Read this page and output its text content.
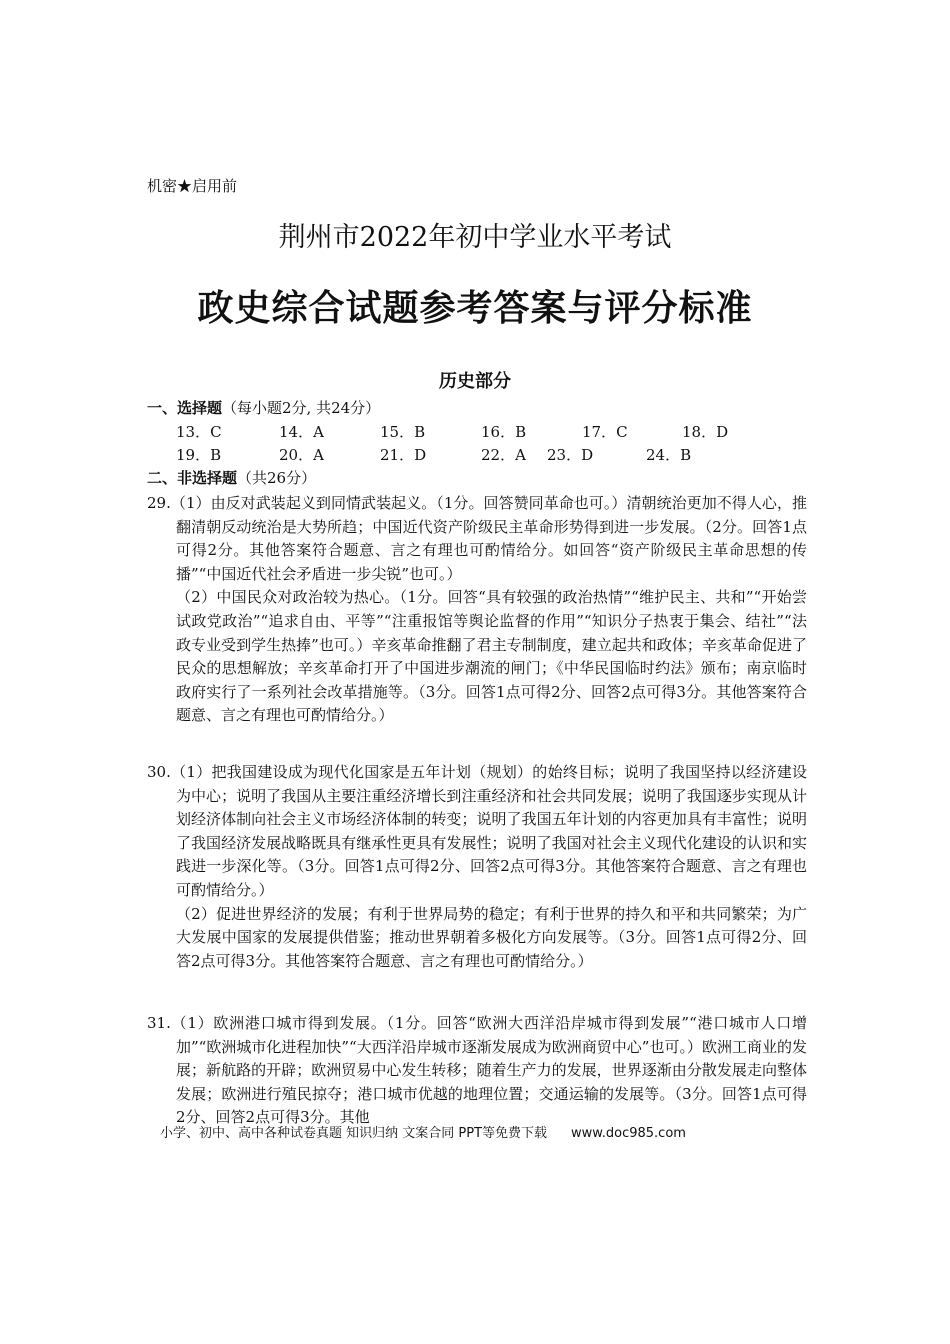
机密★启用前
荆州市2022年初中学业水平考试
政史综合试题参考答案与评分标准
历史部分
一、选择题（每小题2分, 共24分）
13．C	14．A	15．B	16．B	17．C	18．D
19．B	20．A	21．D	22．A 23．D	24．B
二、非选择题（共26分）

29.（1）由反对武装起义到同情武装起义。（1分。回答赞同革命也可。）清朝统治更加不得人心，推翻清朝反动统治是大势所趋；中国近代资产阶级民主革命形势得到进一步发展。（2分。回答1点可得2分。其他答案符合题意、言之有理也可酌情给分。如回答“资产阶级民主革命思想的传播”“中国近代社会矛盾进一步尖锐”也可。）

（2）中国民众对政治较为热心。（1分。回答“具有较强的政治热情”“维护民主、共和”“开始尝试政党政治”“追求自由、平等”“注重报馆等舆论监督的作用”“知识分子热衷于集会、结社”“法政专业受到学生热捧”也可。）辛亥革命推翻了君主专制制度，建立起共和政体；辛亥革命促进了民众的思想解放；辛亥革命打开了中国进步潮流的闸门；《中华民国临时约法》颁布；南京临时政府实行了一系列社会改革措施等。（3分。回答1点可得2分、回答2点可得3分。其他答案符合题意、言之有理也可酌情给分。）

30.（1）把我国建设成为现代化国家是五年计划（规划）的始终目标；说明了我国坚持以经济建设为中心；说明了我国从主要注重经济增长到注重经济和社会共同发展；说明了我国逐步实现从计划经济体制向社会主义市场经济体制的转变；说明了我国五年计划的内容更加具有丰富性；说明了我国经济发展战略既具有继承性更具有发展性；说明了我国对社会主义现代化建设的认识和实践进一步深化等。（3分。回答1点可得2分、回答2点可得3分。其他答案符合题意、言之有理也可酌情给分。）

（2）促进世界经济的发展；有利于世界局势的稳定；有利于世界的持久和平和共同繁荣；为广大发展中国家的发展提供借鉴；推动世界朝着多极化方向发展等。（3分。回答1点可得2分、回答2点可得3分。其他答案符合题意、言之有理也可酌情给分。）

31.（1）欧洲港口城市得到发展。（1分。回答“欧洲大西洋沿岸城市得到发展”“港口城市人口增加”“欧洲城市化进程加快”“大西洋沿岸城市逐渐发展成为欧洲商贸中心”也可。）欧洲工商业的发展；新航路的开辟；欧洲贸易中心发生转移；随着生产力的发展，世界逐渐由分散发展走向整体发展；欧洲进行殖民掠夺；港口城市优越的地理位置；交通运输的发展等。（3分。回答1点可得2分、回答2点可得3分。其他

小学、初中、高中各种试卷真题 知识归纳 文案合同 PPT等免费下载 www.doc985.com
